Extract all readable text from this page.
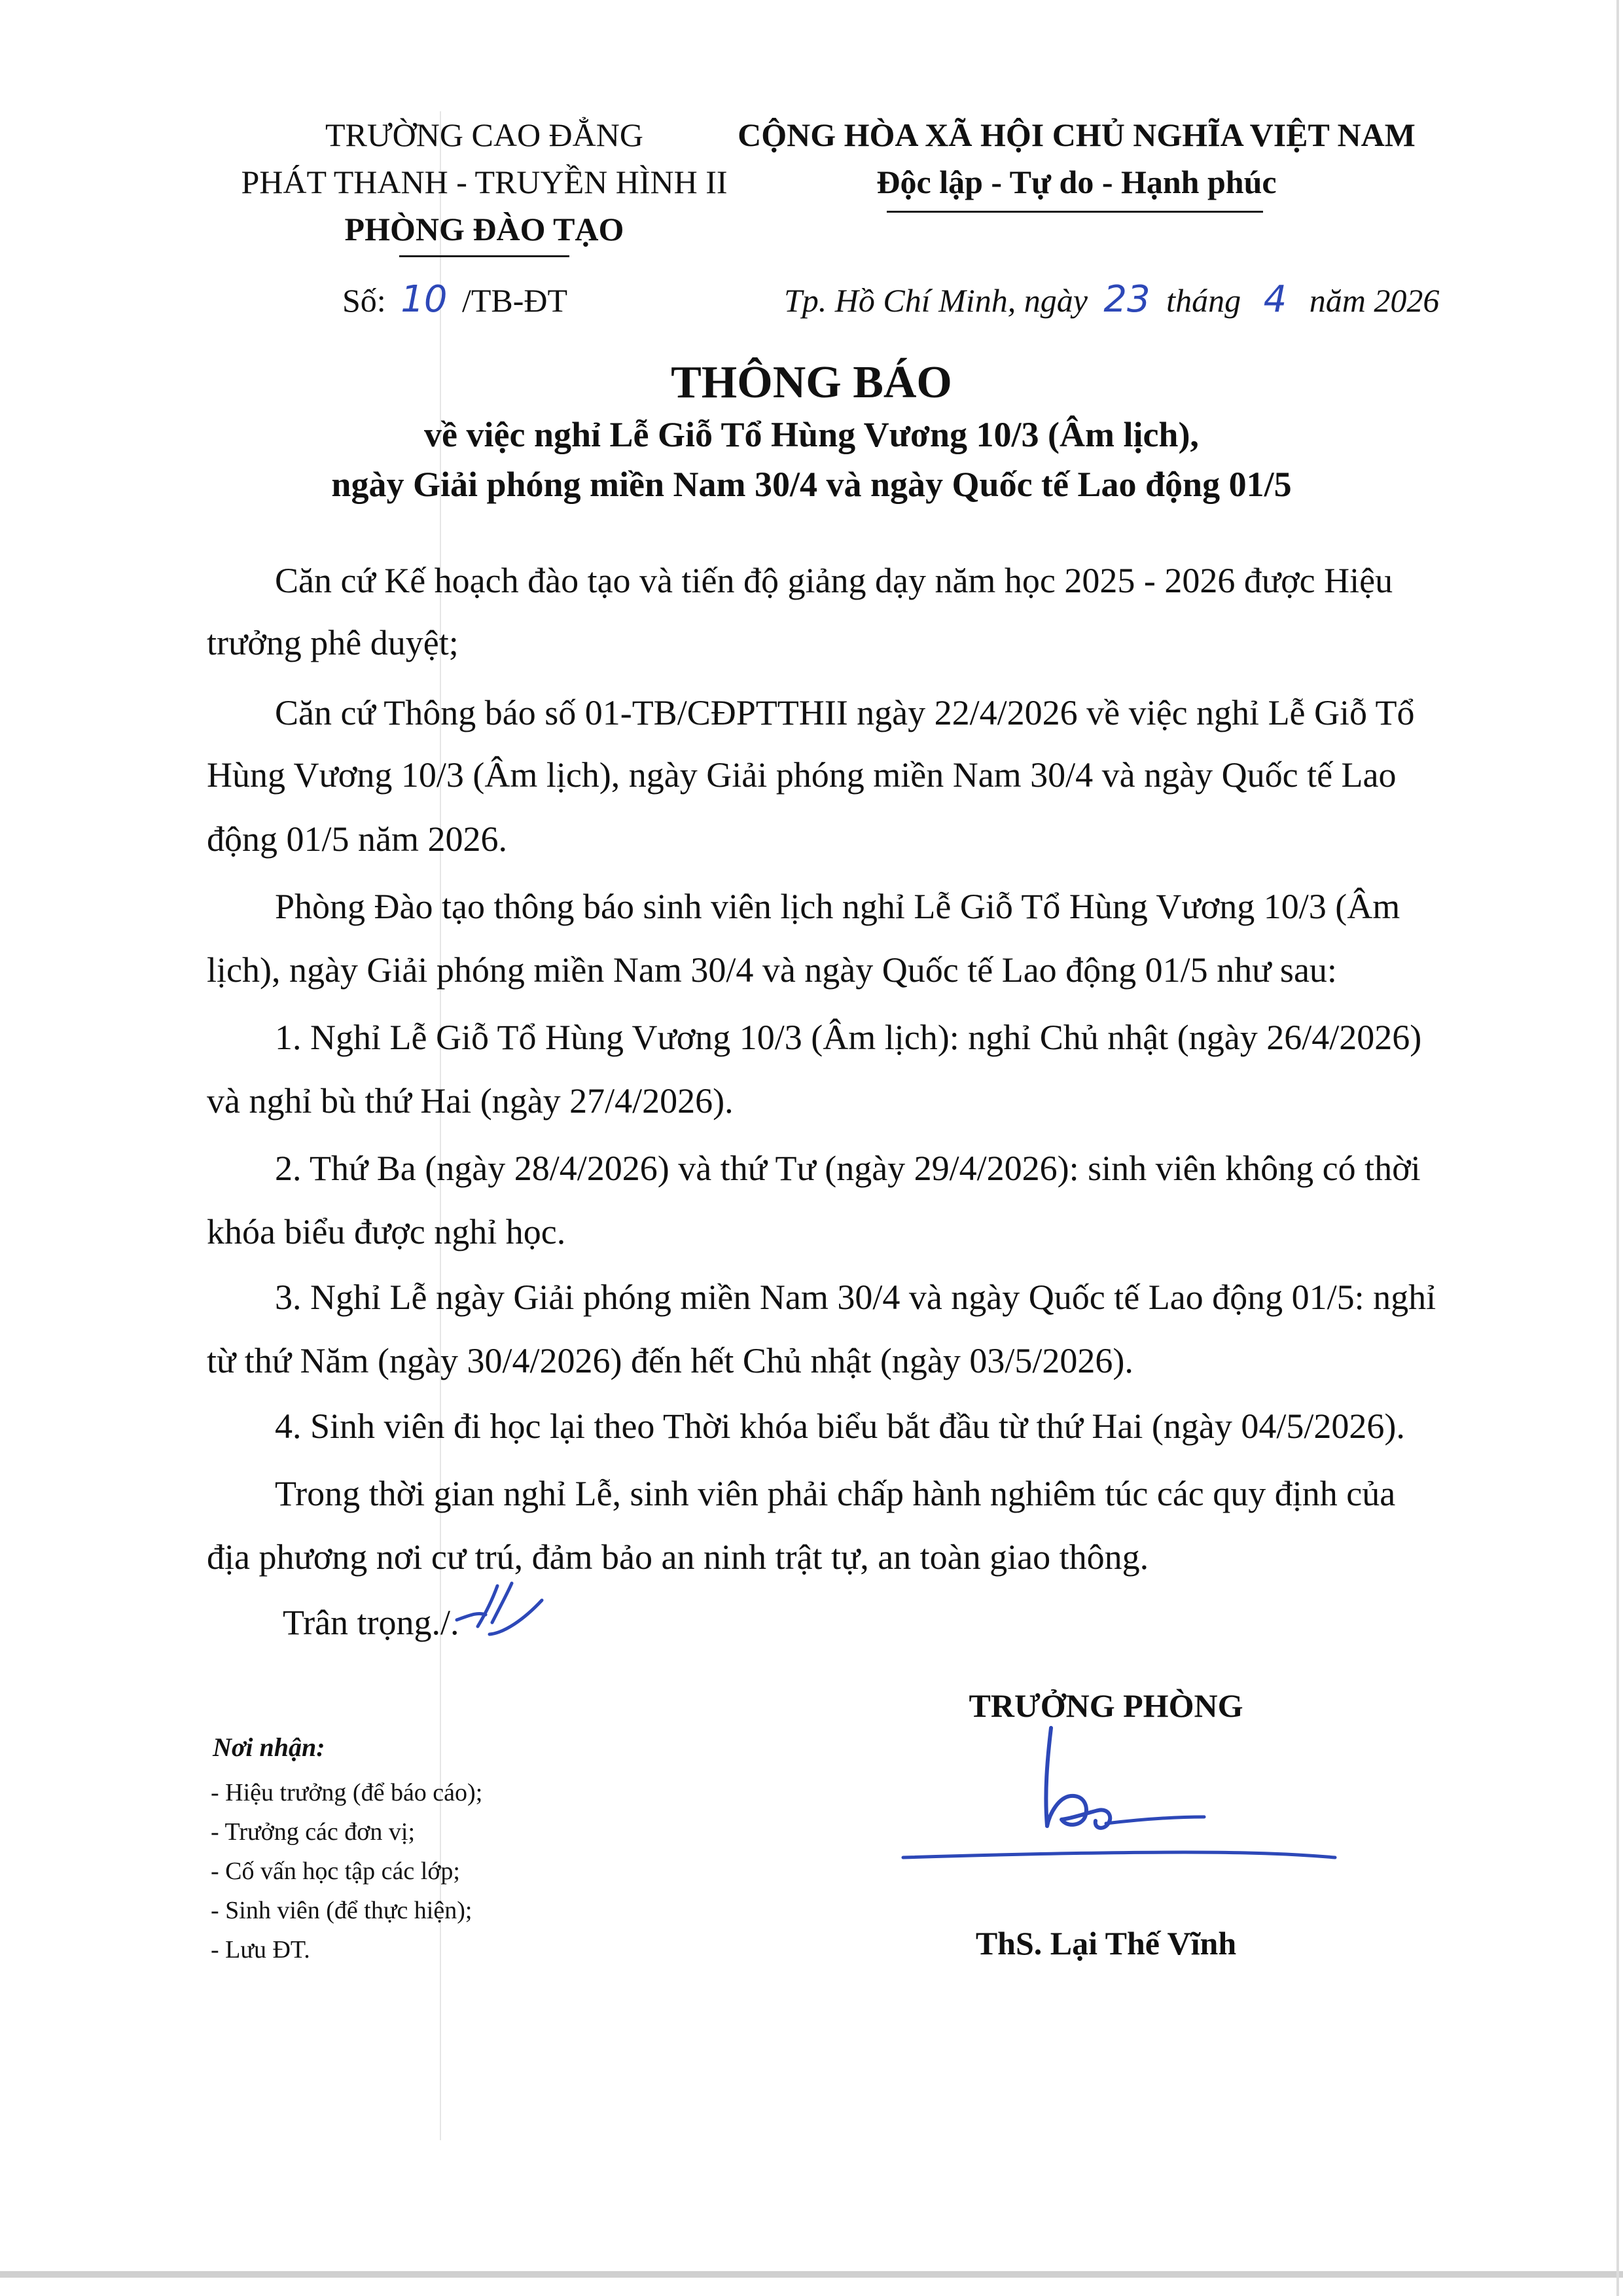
TRƯỜNG CAO ĐẲNG
PHÁT THANH - TRUYỀN HÌNH II
PHÒNG ĐÀO TẠO
CỘNG HÒA XÃ HỘI CHỦ NGHĨA VIỆT NAM
Độc lập - Tự do - Hạnh phúc
Số: 10 /TB-ĐT	Tp. Hồ Chí Minh, ngày 23 tháng 4 năm 2026
THÔNG BÁO
về việc nghỉ Lễ Giỗ Tổ Hùng Vương 10/3 (Âm lịch),
ngày Giải phóng miền Nam 30/4 và ngày Quốc tế Lao động 01/5
Căn cứ Kế hoạch đào tạo và tiến độ giảng dạy năm học 2025 - 2026 được Hiệu
trưởng phê duyệt;
Căn cứ Thông báo số 01-TB/CĐPTTHII ngày 22/4/2026 về việc nghỉ Lễ Giỗ Tổ
Hùng Vương 10/3 (Âm lịch), ngày Giải phóng miền Nam 30/4 và ngày Quốc tế Lao
động 01/5 năm 2026.
Phòng Đào tạo thông báo sinh viên lịch nghỉ Lễ Giỗ Tổ Hùng Vương 10/3 (Âm
lịch), ngày Giải phóng miền Nam 30/4 và ngày Quốc tế Lao động 01/5 như sau:
1. Nghỉ Lễ Giỗ Tổ Hùng Vương 10/3 (Âm lịch): nghỉ Chủ nhật (ngày 26/4/2026)
và nghỉ bù thứ Hai (ngày 27/4/2026).
2. Thứ Ba (ngày 28/4/2026) và thứ Tư (ngày 29/4/2026): sinh viên không có thời
khóa biểu được nghỉ học.
3. Nghỉ Lễ ngày Giải phóng miền Nam 30/4 và ngày Quốc tế Lao động 01/5: nghỉ
từ thứ Năm (ngày 30/4/2026) đến hết Chủ nhật (ngày 03/5/2026).
4. Sinh viên đi học lại theo Thời khóa biểu bắt đầu từ thứ Hai (ngày 04/5/2026).
Trong thời gian nghỉ Lễ, sinh viên phải chấp hành nghiêm túc các quy định của
địa phương nơi cư trú, đảm bảo an ninh trật tự, an toàn giao thông.
Trân trọng./.
Nơi nhận:
- Hiệu trưởng (để báo cáo);
- Trưởng các đơn vị;
- Cố vấn học tập các lớp;
- Sinh viên (để thực hiện);
- Lưu ĐT.
TRƯỞNG PHÒNG
ThS. Lại Thế Vĩnh
